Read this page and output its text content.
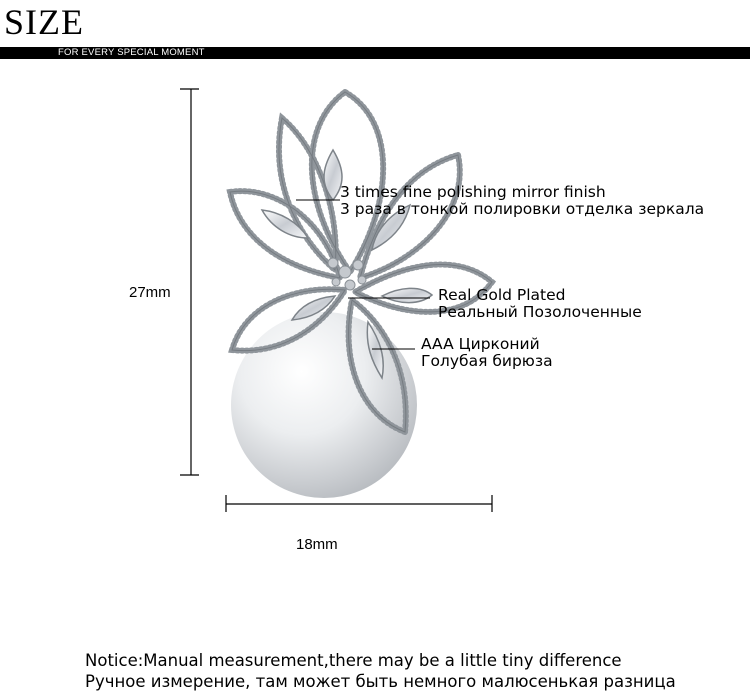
SIZE
FOR EVERY SPECIAL MOMENT
27mm
18mm
3 times fine polishing mirror finish
3 раза в тонкой полировки отделка зеркала
Real Gold Plated
Реальный Позолоченные
AAA Цирконий
Голубая бирюза
Notice:Manual measurement,there may be a little tiny difference
Ручное измерение, там может быть немного малюсенькая разница
